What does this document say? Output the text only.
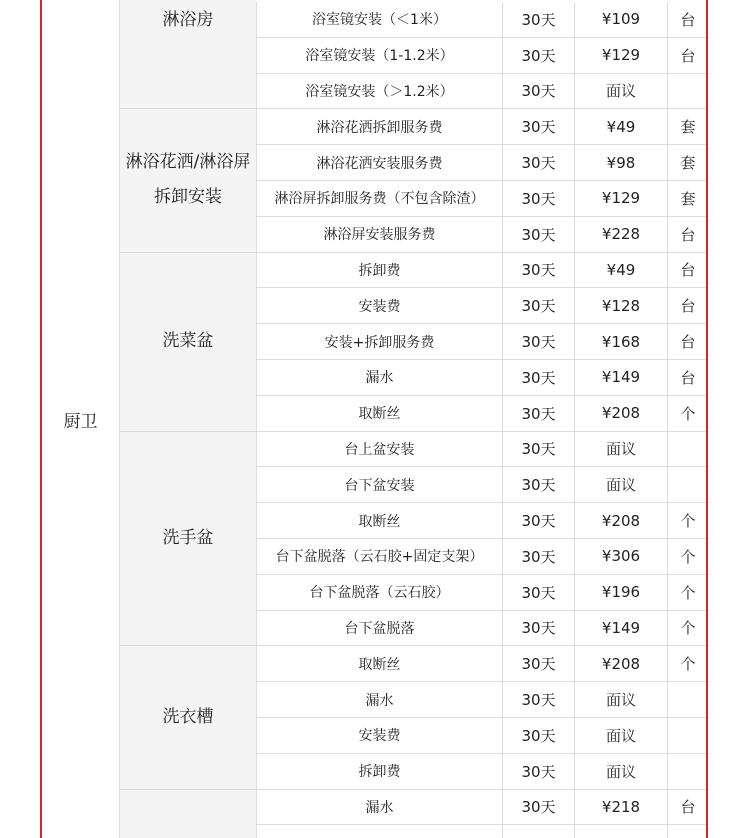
厨卫
淋浴房	浴室镜安装（＜1米）	30天	¥109	台
浴室镜安装（1-1.2米）	30天	¥129	台
浴室镜安装（＞1.2米）	30天	面议
淋浴花洒/淋浴屏
拆卸安装
淋浴花洒拆卸服务费	30天	¥49	套
淋浴花洒安装服务费	30天	¥98	套
淋浴屏拆卸服务费（不包含除渣）	30天	¥129	套
淋浴屏安装服务费	30天	¥228	台
洗菜盆
拆卸费	30天	¥49	台
安装费	30天	¥128	台
安装+拆卸服务费	30天	¥168	台
漏水	30天	¥149	台
取断丝	30天	¥208	个
洗手盆
台上盆安装	30天	面议
台下盆安装	30天	面议
取断丝	30天	¥208	个
台下盆脱落（云石胶+固定支架）	30天	¥306	个
台下盆脱落（云石胶）	30天	¥196	个
台下盆脱落	30天	¥149	个
洗衣槽
取断丝	30天	¥208	个
漏水	30天	面议
安装费	30天	面议
拆卸费	30天	面议
漏水	30天	¥218	台
